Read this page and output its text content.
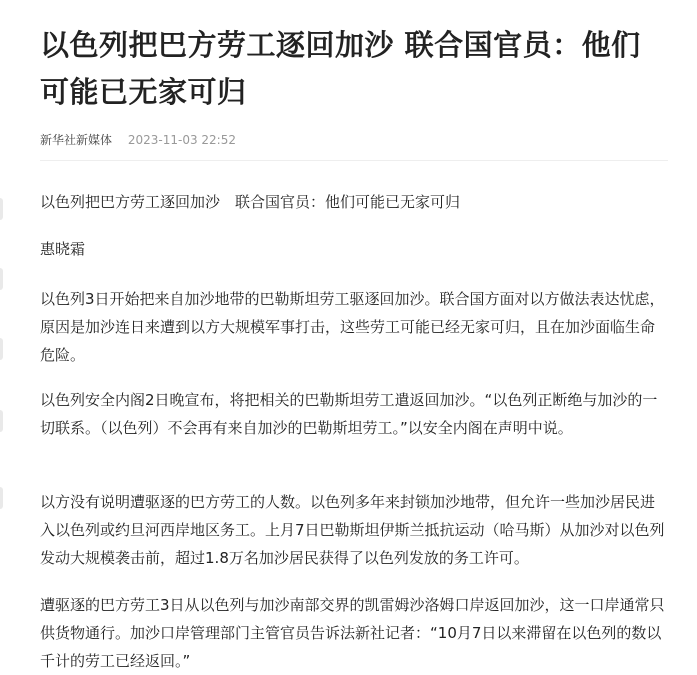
以色列把巴方劳工逐回加沙 联合国官员：他们可能已无家可归
新华社新媒体 2023-11-03 22:52

以色列把巴方劳工逐回加沙　联合国官员：他们可能已无家可归

惠晓霜

以色列3日开始把来自加沙地带的巴勒斯坦劳工驱逐回加沙。联合国方面对以方做法表达忧虑，原因是加沙连日来遭到以方大规模军事打击，这些劳工可能已经无家可归，且在加沙面临生命危险。

以色列安全内阁2日晚宣布，将把相关的巴勒斯坦劳工遣返回加沙。“以色列正断绝与加沙的一切联系。（以色列）不会再有来自加沙的巴勒斯坦劳工。”以安全内阁在声明中说。

以方没有说明遭驱逐的巴方劳工的人数。以色列多年来封锁加沙地带，但允许一些加沙居民进入以色列或约旦河西岸地区务工。上月7日巴勒斯坦伊斯兰抵抗运动（哈马斯）从加沙对以色列发动大规模袭击前，超过1.8万名加沙居民获得了以色列发放的务工许可。

遭驱逐的巴方劳工3日从以色列与加沙南部交界的凯雷姆沙洛姆口岸返回加沙，这一口岸通常只供货物通行。加沙口岸管理部门主管官员告诉法新社记者：“10月7日以来滞留在以色列的数以千计的劳工已经返回。”
